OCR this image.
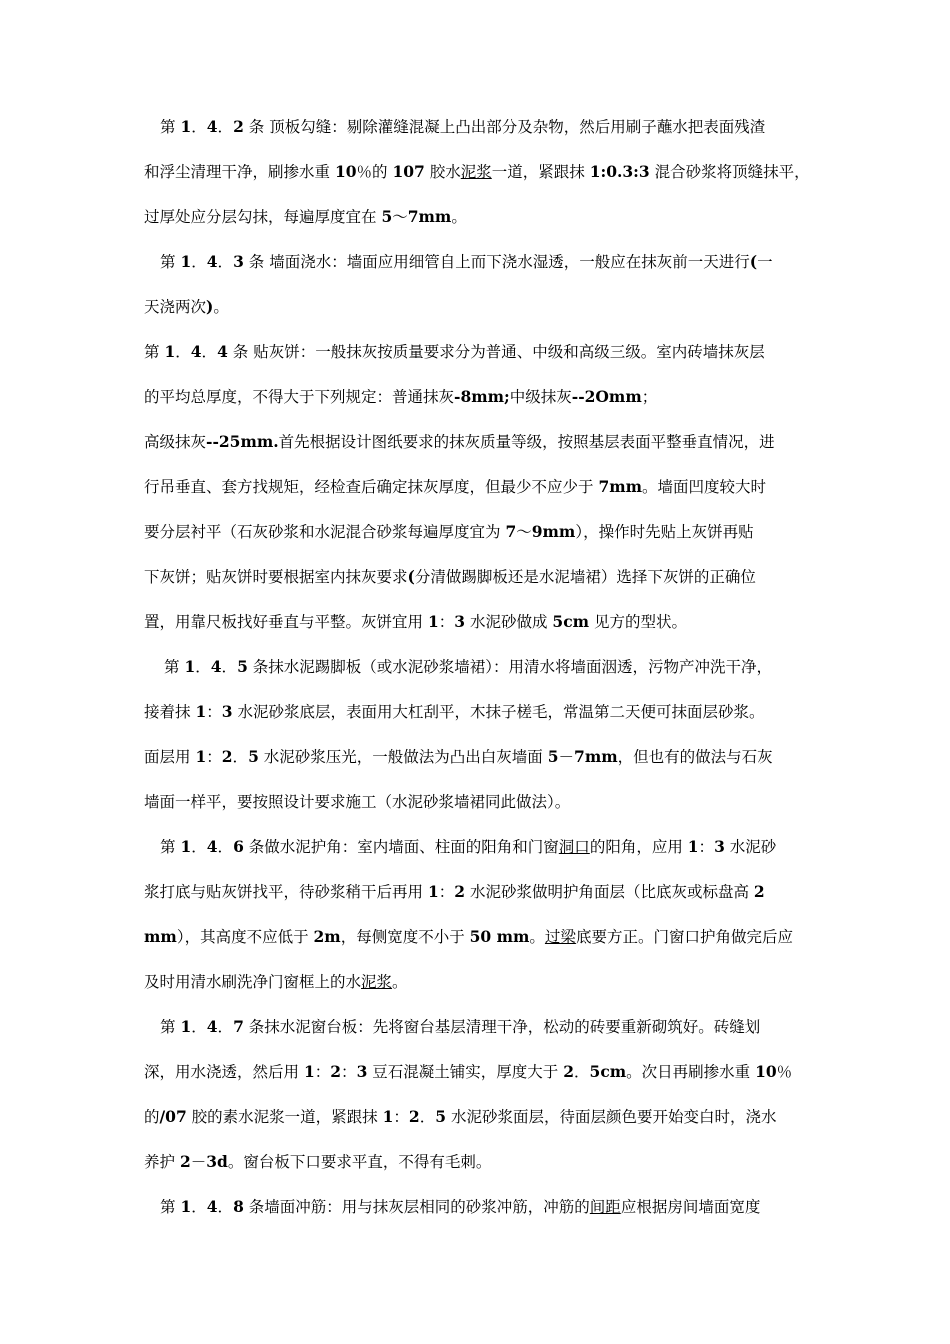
第 1．4．2 条 顶板勾缝：剔除灌缝混凝上凸出部分及杂物，然后用刷子蘸水把表面残渣
和浮尘清理干净，刷掺水重 10％的 107 胶水泥浆一道，紧跟抹 1:0.3:3 混合砂浆将顶缝抹平，
过厚处应分层勾抹，每遍厚度宜在 5～7mm。
第 1．4．3 条 墙面浇水：墙面应用细管自上而下浇水湿透，一般应在抹灰前一天进行(一
天浇两次)。
第 1．4．4 条 贴灰饼：一般抹灰按质量要求分为普通、中级和高级三级。室内砖墙抹灰层
的平均总厚度，不得大于下列规定：普通抹灰-8mm;中级抹灰--2Omm；
高级抹灰--25mm.首先根据设计图纸要求的抹灰质量等级，按照基层表面平整垂直情况，进
行吊垂直、套方找规矩，经检查后确定抹灰厚度，但最少不应少于 7mm。墙面凹度较大时
要分层衬平（石灰砂浆和水泥混合砂浆每遍厚度宜为 7～9mm），操作时先贴上灰饼再贴
下灰饼；贴灰饼时要根据室内抹灰要求(分清做踢脚板还是水泥墙裙）选择下灰饼的正确位
置，用靠尺板找好垂直与平整。灰饼宜用 1：3 水泥砂做成 5cm 见方的型状。
第 1．4．5 条抹水泥踢脚板（或水泥砂浆墙裙）：用清水将墙面洇透，污物产冲洗干净，
接着抹 1：3 水泥砂浆底层，表面用大杠刮平，木抹子槎毛，常温第二天便可抹面层砂浆。
面层用 1：2．5 水泥砂浆压光，一般做法为凸出白灰墙面 5－7mm，但也有的做法与石灰
墙面一样平，要按照设计要求施工（水泥砂浆墙裙同此做法）。
第 1．4．6 条做水泥护角：室内墙面、柱面的阳角和门窗洞口的阳角，应用 1：3 水泥砂
浆打底与贴灰饼找平，待砂浆稍干后再用 1：2 水泥砂浆做明护角面层（比底灰或标盘高 2
mm），其高度不应低于 2m，每侧宽度不小于 50 mm。过梁底要方正。门窗口护角做完后应
及时用清水刷洗净门窗框上的水泥浆。
第 1．4．7 条抹水泥窗台板：先将窗台基层清理干净，松动的砖要重新砌筑好。砖缝划
深，用水浇透，然后用 1：2：3 豆石混凝土铺实，厚度大于 2．5cm。次日再刷掺水重 10％
的/07 胶的素水泥浆一道，紧跟抹 1：2．5 水泥砂浆面层，待面层颜色要开始变白时，浇水
养护 2－3d。窗台板下口要求平直，不得有毛刺。
第 1．4．8 条墙面冲筋：用与抹灰层相同的砂浆冲筋，冲筋的间距应根据房间墙面宽度
